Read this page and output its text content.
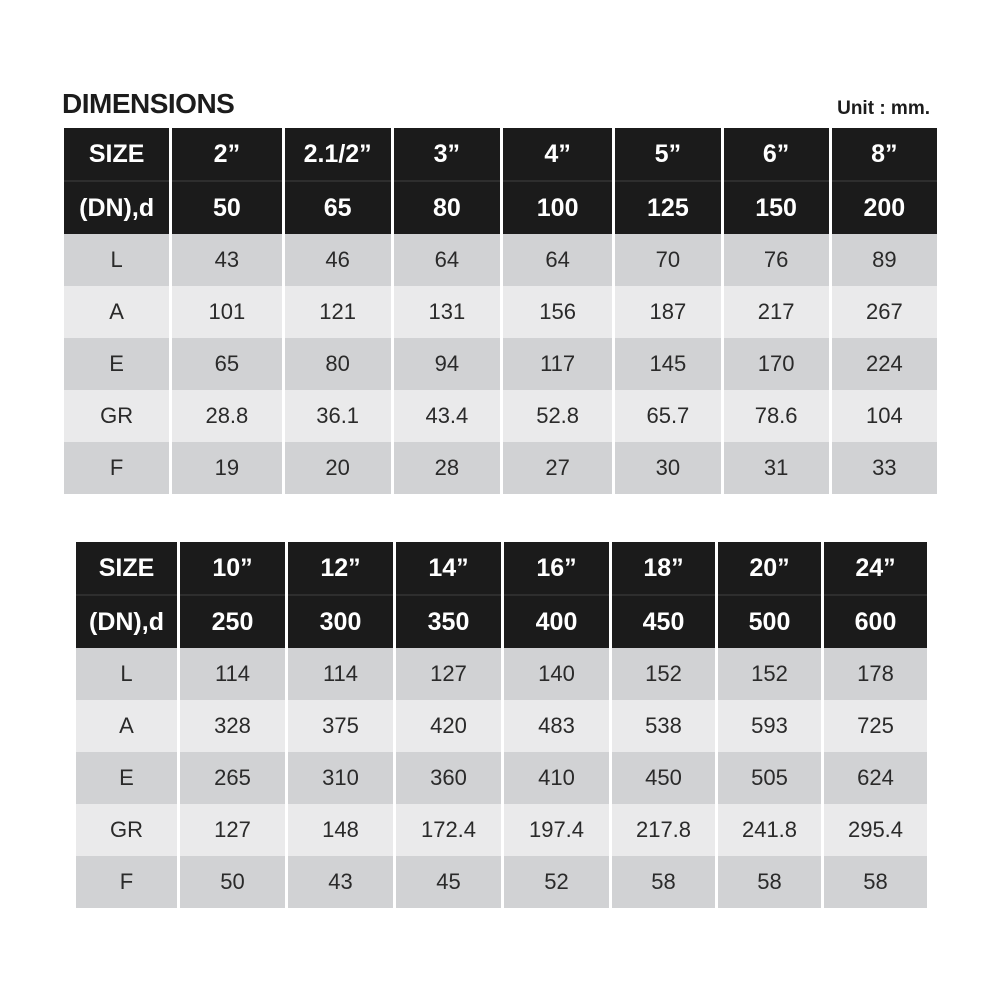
DIMENSIONS	Unit : mm.
SIZE	2”	2.1/2”	3”	4”	5”	6”	8”
(DN),d	50	65	80	100	125	150	200
L	43	46	64	64	70	76	89
A	101	121	131	156	187	217	267
E	65	80	94	117	145	170	224
GR	28.8	36.1	43.4	52.8	65.7	78.6	104
F	19	20	28	27	30	31	33
SIZE	10”	12”	14”	16”	18”	20”	24”
(DN),d	250	300	350	400	450	500	600
L	114	114	127	140	152	152	178
A	328	375	420	483	538	593	725
E	265	310	360	410	450	505	624
GR	127	148	172.4	197.4	217.8	241.8	295.4
F	50	43	45	52	58	58	58
